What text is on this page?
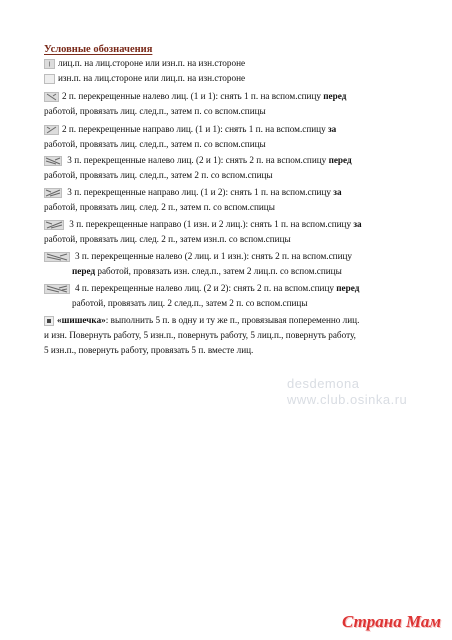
Условные обозначения
лиц.п. на лиц.стороне или изн.п. на изн.стороне
изн.п. на лиц.стороне или лиц.п. на изн.стороне
2 п. перекрещенные налево лиц. (1 и 1): снять 1 п. на вспом.спицу перед
работой, провязать лиц. след.п., затем п. со вспом.спицы
2 п. перекрещенные направо лиц. (1 и 1): снять 1 п. на вспом.спицу за
работой, провязать лиц. след.п., затем п. со вспом.спицы
3 п. перекрещенные налево лиц. (2 и 1): снять 2 п. на вспом.спицу перед
работой, провязать лиц. след.п., затем 2 п. со вспом.спицы
3 п. перекрещенные направо лиц. (1 и 2): снять 1 п. на вспом.спицу за
работой, провязать лиц. след. 2 п., затем п. со вспом.спицы
3 п. перекрещенные направо (1 изн. и 2 лиц.): снять 1 п. на вспом.спицу за
работой, провязать лиц. след. 2 п., затем изн.п. со вспом.спицы
3 п. перекрещенные налево (2 лиц. и 1 изн.): снять 2 п. на вспом.спицу
перед работой, провязать изн. след.п., затем 2 лиц.п. со вспом.спицы
4 п. перекрещенные налево лиц. (2 и 2): снять 2 п. на вспом.спицу перед
работой, провязать лиц. 2 след.п., затем 2 п. со вспом.спицы
«шишечка»: выполнить 5 п. в одну и ту же п., провязывая попеременно лиц.
и изн. Повернуть работу, 5 изн.п., повернуть работу, 5 лиц.п., повернуть работу,
5 изн.п., повернуть работу, провязать 5 п. вместе лиц.
desdemona
www.club.osinka.ru
Страна Мам
